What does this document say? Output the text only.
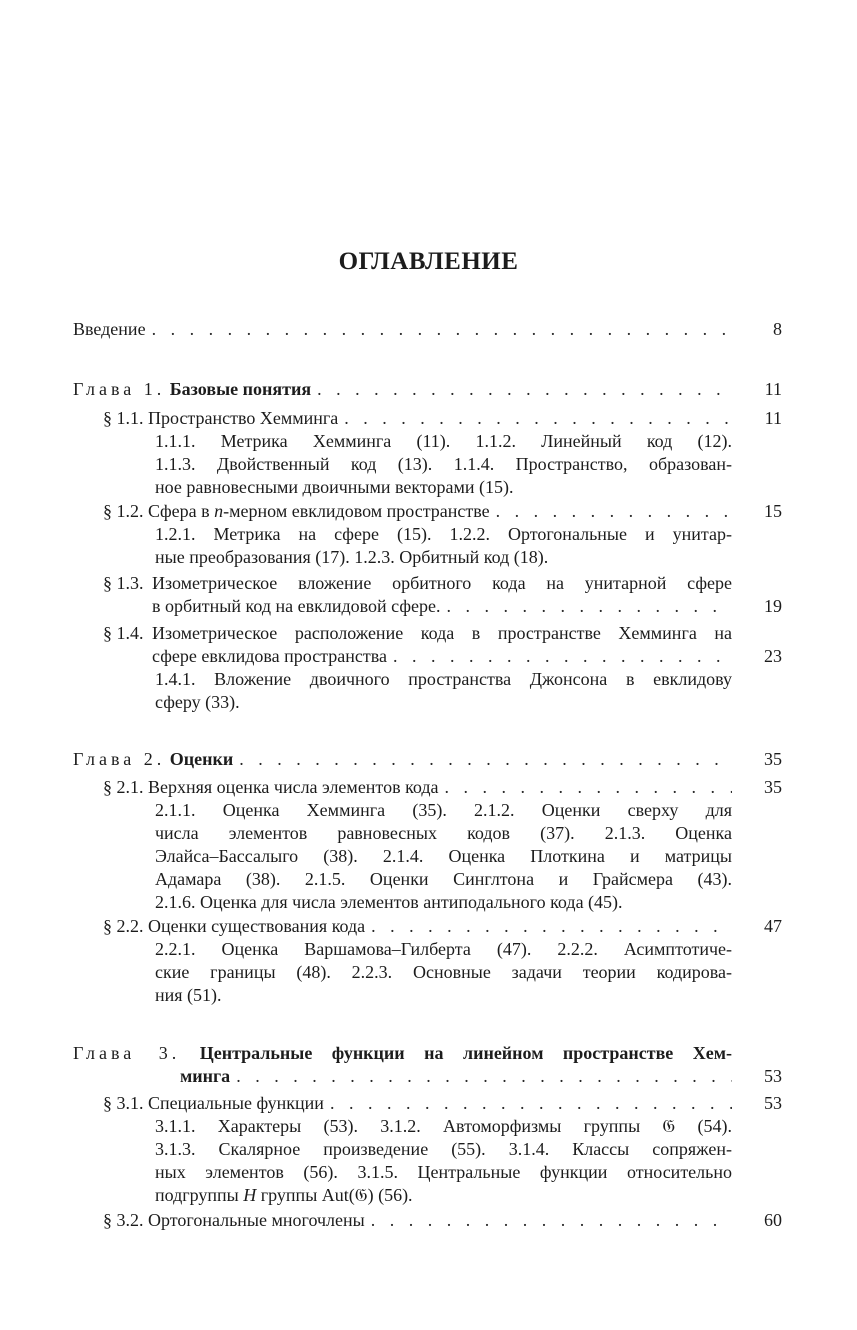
ОГЛАВЛЕНИЕ
Введение . . .	8
Глава 1. Базовые понятия . . .	11
§ 1.1. Пространство Хемминга . . .	11
1.1.1. Метрика Хемминга (11). 1.1.2. Линейный код (12).
1.1.3. Двойственный код (13). 1.1.4. Пространство, образован-
ное равновесными двоичными векторами (15).
§ 1.2. Сфера в n-мерном евклидовом пространстве . . .	15
1.2.1. Метрика на сфере (15). 1.2.2. Ортогональные и унитар-
ные преобразования (17). 1.2.3. Орбитный код (18).
§ 1.3. Изометрическое вложение орбитного кода на унитарной сфере
в орбитный код на евклидовой сфере. . . .	19
§ 1.4. Изометрическое расположение кода в пространстве Хемминга на
сфере евклидова пространства . . .	23
1.4.1. Вложение двоичного пространства Джонсона в евклидову
сферу (33).
Глава 2. Оценки . . .	35
§ 2.1. Верхняя оценка числа элементов кода . . .	35
2.1.1. Оценка Хемминга (35). 2.1.2. Оценки сверху для
числа элементов равновесных кодов (37). 2.1.3. Оценка
Элайса–Бассалыго (38). 2.1.4. Оценка Плоткина и матрицы
Адамара (38). 2.1.5. Оценки Синглтона и Грайсмера (43).
2.1.6. Оценка для числа элементов антиподального кода (45).
§ 2.2. Оценки существования кода . . .	47
2.2.1. Оценка Варшамова–Гилберта (47). 2.2.2. Асимптотиче-
ские границы (48). 2.2.3. Основные задачи теории кодирова-
ния (51).
Глава 3. Центральные функции на линейном пространстве Хем-
минга . . .	53
§ 3.1. Специальные функции . . .	53
3.1.1. Характеры (53). 3.1.2. Автоморфизмы группы 𝔊 (54).
3.1.3. Скалярное произведение (55). 3.1.4. Классы сопряжен-
ных элементов (56). 3.1.5. Центральные функции относительно
подгруппы H группы Aut(𝔊) (56).
§ 3.2. Ортогональные многочлены . . .	60
